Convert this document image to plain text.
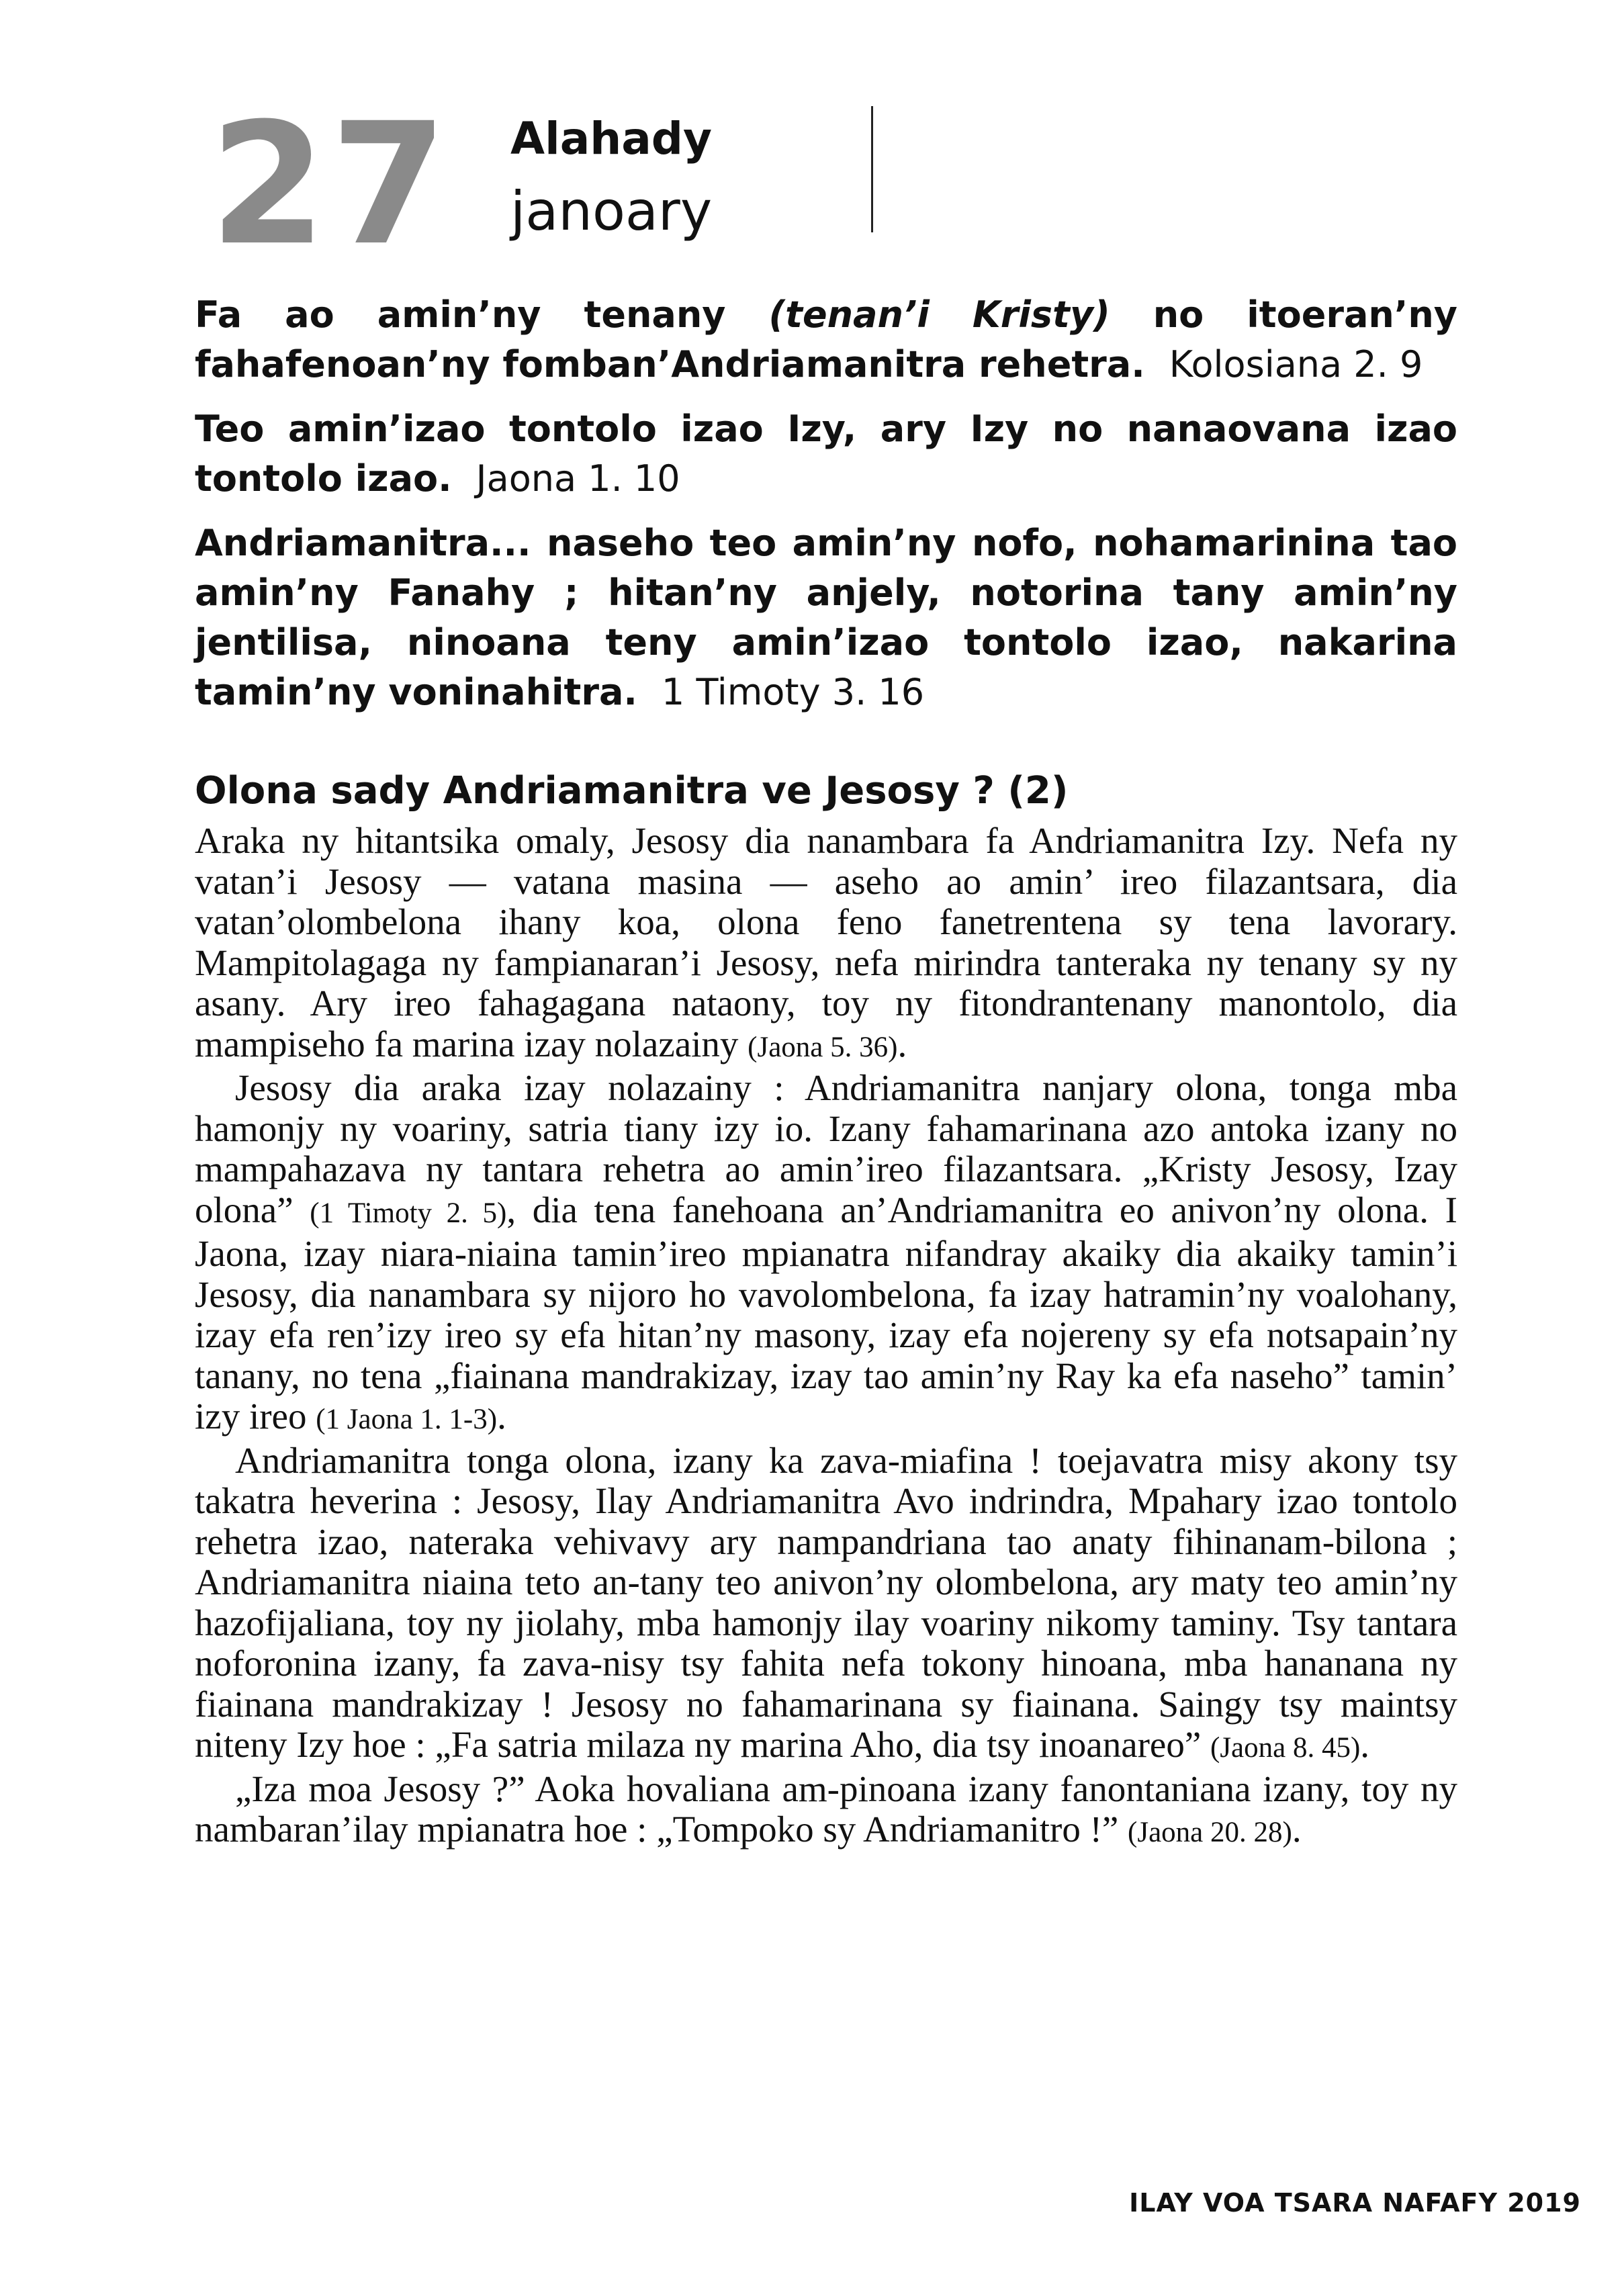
27 Alahady
janoary

Fa ao amin’ny tenany (tenan’i Kristy) no itoeran’ny fahafenoan’ny fomban’Andriamanitra rehetra. Kolosiana 2. 9

Teo amin’izao tontolo izao Izy, ary Izy no nanaovana izao tontolo izao. Jaona 1. 10

Andriamanitra... naseho teo amin’ny nofo, nohamarinina tao amin’ny Fanahy ; hitan’ny anjely, notorina tany amin’ny jentilisa, ninoana teny amin’izao tontolo izao, nakarina tamin’ny voninahitra. 1 Timoty 3. 16

Olona sady Andriamanitra ve Jesosy ? (2)

Araka ny hitantsika omaly, Jesosy dia nanambara fa Andriamanitra Izy. Nefa ny vatan’i Jesosy — vatana masina — aseho ao amin’ ireo filazantsara, dia vatan’olombelona ihany koa, olona feno fanetrentena sy tena lavorary. Mampitolagaga ny fampianaran’i Jesosy, nefa mirindra tanteraka ny tenany sy ny asany. Ary ireo fahagagana nataony, toy ny fitondrantenany manontolo, dia mampiseho fa marina izay nolazainy (Jaona 5. 36).

Jesosy dia araka izay nolazainy : Andriamanitra nanjary olona, tonga mba hamonjy ny voariny, satria tiany izy io. Izany fahamarinana azo antoka izany no mampahazava ny tantara rehetra ao amin’ireo filazantsara. „Kristy Jesosy, Izay olona” (1 Timoty 2. 5), dia tena fanehoana an’Andriamanitra eo anivon’ny olona. I Jaona, izay niara-niaina tamin’ireo mpianatra nifandray akaiky dia akaiky tamin’i Jesosy, dia nanambara sy nijoro ho vavolombelona, fa izay hatramin’ny voalohany, izay efa ren’izy ireo sy efa hitan’ny masony, izay efa nojereny sy efa notsapain’ny tanany, no tena „fiainana mandrakizay, izay tao amin’ny Ray ka efa naseho” tamin’ izy ireo (1 Jaona 1. 1-3).

Andriamanitra tonga olona, izany ka zava-miafina ! toejavatra misy akony tsy takatra heverina : Jesosy, Ilay Andriamanitra Avo indrindra, Mpahary izao tontolo rehetra izao, nateraka vehivavy ary nampandriana tao anaty fihinanam-bilona ; Andriamanitra niaina teto an-tany teo anivon’ny olombelona, ary maty teo amin’ny hazofijaliana, toy ny jiolahy, mba hamonjy ilay voariny nikomy taminy. Tsy tantara noforonina izany, fa zava-nisy tsy fahita nefa tokony hinoana, mba hananana ny fiainana mandrakizay ! Jesosy no fahamarinana sy fiainana. Saingy tsy maintsy niteny Izy hoe : „Fa satria milaza ny marina Aho, dia tsy inoanareo” (Jaona 8. 45).

„Iza moa Jesosy ?” Aoka hovaliana am-pinoana izany fanontaniana izany, toy ny nambaran’ilay mpianatra hoe : „Tompoko sy Andriamanitro !” (Jaona 20. 28).

ILAY VOA TSARA NAFAFY 2019
